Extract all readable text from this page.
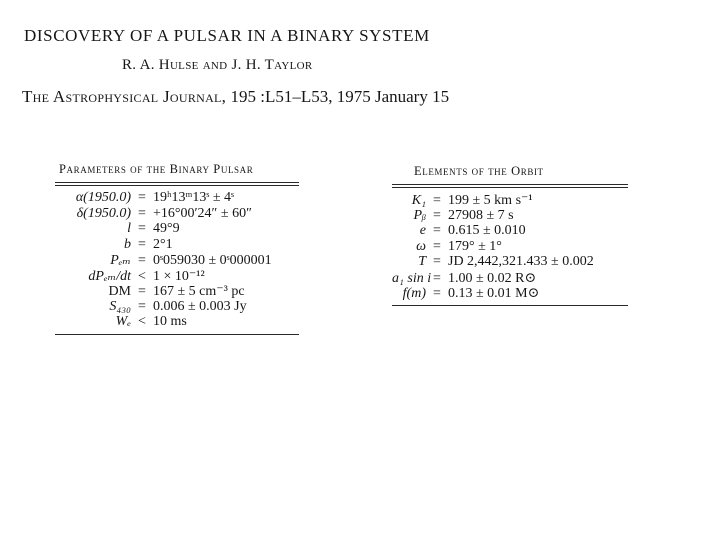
DISCOVERY OF A PULSAR IN A BINARY SYSTEM
R. A. Hulse and J. H. Taylor
The Astrophysical Journal, 195 :L51–L53, 1975 January 15
Parameters of the Binary Pulsar
α(1950.0) = 19ʰ13ᵐ13ˢ ± 4ˢ
δ(1950.0) = +16°00′24″ ± 60″
l = 49°9
b = 2°1
Pₑₘ = 0ˢ059030 ± 0ˢ000001
dPₑₘ/dt < 1 × 10⁻¹²
DM = 167 ± 5 cm⁻³ pc
S₄₃₀ = 0.006 ± 0.003 Jy
Wₑ < 10 ms
Elements of the Orbit
K₁ = 199 ± 5 km s⁻¹
Pᵦ = 27908 ± 7 s
e = 0.615 ± 0.010
ω = 179° ± 1°
T = JD 2,442,321.433 ± 0.002
a₁ sin i = 1.00 ± 0.02 R⊙
f(m) = 0.13 ± 0.01 M⊙
